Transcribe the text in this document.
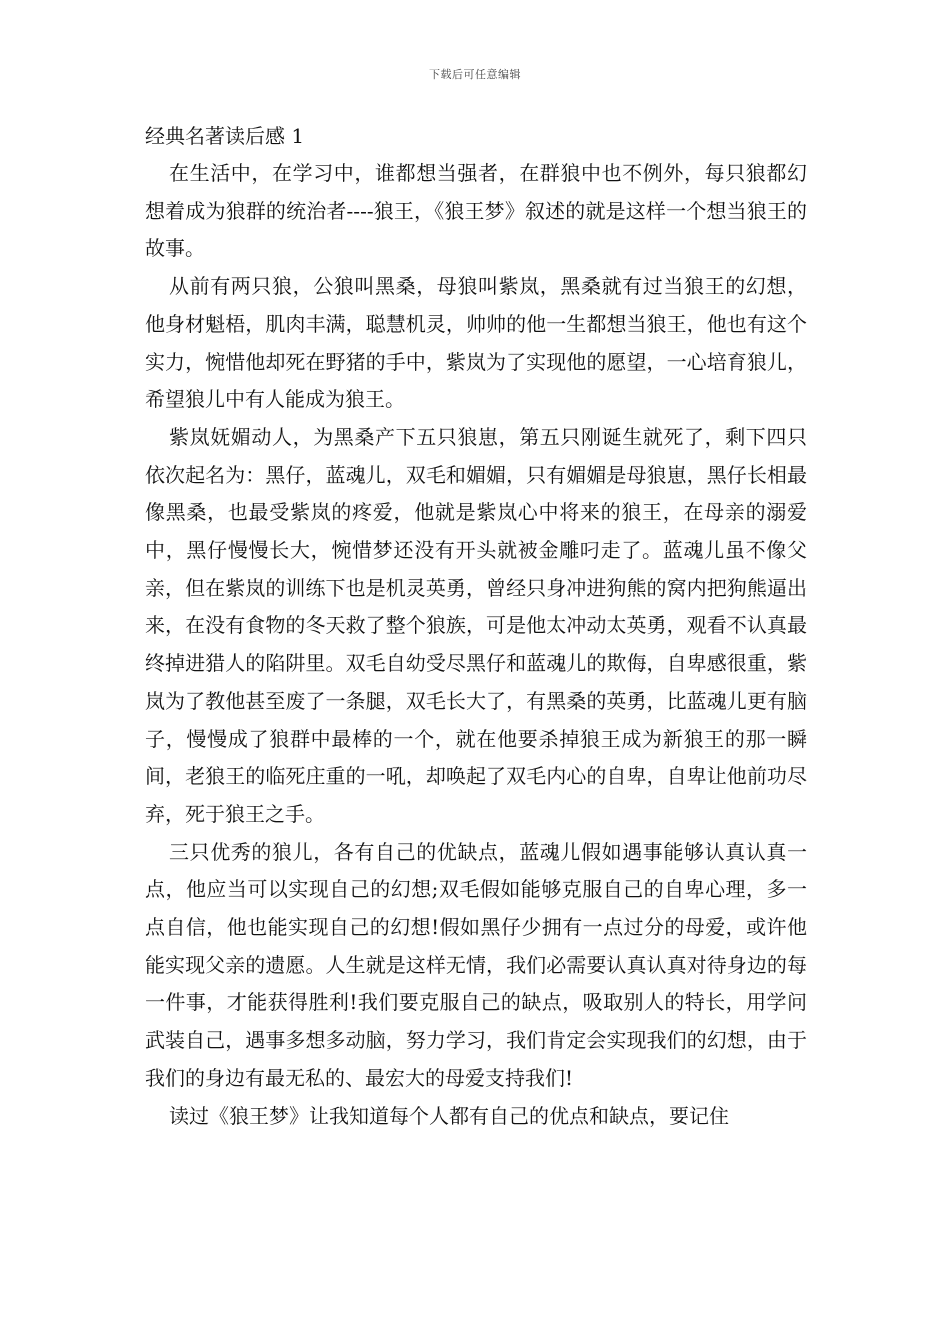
下载后可任意编辑
经典名著读后感 1

在生活中，在学习中，谁都想当强者，在群狼中也不例外，每只狼都幻想着成为狼群的统治者----狼王，《狼王梦》叙述的就是这样一个想当狼王的故事。

从前有两只狼，公狼叫黑桑，母狼叫紫岚，黑桑就有过当狼王的幻想，他身材魁梧，肌肉丰满，聪慧机灵，帅帅的他一生都想当狼王，他也有这个实力，惋惜他却死在野猪的手中，紫岚为了实现他的愿望，一心培育狼儿，希望狼儿中有人能成为狼王。

紫岚妩媚动人，为黑桑产下五只狼崽，第五只刚诞生就死了，剩下四只依次起名为：黑仔，蓝魂儿，双毛和媚媚，只有媚媚是母狼崽，黑仔长相最像黑桑，也最受紫岚的疼爱，他就是紫岚心中将来的狼王，在母亲的溺爱中，黑仔慢慢长大，惋惜梦还没有开头就被金雕叼走了。蓝魂儿虽不像父亲，但在紫岚的训练下也是机灵英勇，曾经只身冲进狗熊的窝内把狗熊逼出来，在没有食物的冬天救了整个狼族，可是他太冲动太英勇，观看不认真最终掉进猎人的陷阱里。双毛自幼受尽黑仔和蓝魂儿的欺侮，自卑感很重，紫岚为了教他甚至废了一条腿，双毛长大了，有黑桑的英勇，比蓝魂儿更有脑子，慢慢成了狼群中最棒的一个，就在他要杀掉狼王成为新狼王的那一瞬间，老狼王的临死庄重的一吼，却唤起了双毛内心的自卑，自卑让他前功尽弃，死于狼王之手。

三只优秀的狼儿，各有自己的优缺点，蓝魂儿假如遇事能够认真认真一点，他应当可以实现自己的幻想;双毛假如能够克服自己的自卑心理，多一点自信，他也能实现自己的幻想!假如黑仔少拥有一点过分的母爱，或许他能实现父亲的遗愿。人生就是这样无情，我们必需要认真认真对待身边的每一件事，才能获得胜利!我们要克服自己的缺点，吸取别人的特长，用学问武装自己，遇事多想多动脑，努力学习，我们肯定会实现我们的幻想，由于我们的身边有最无私的、最宏大的母爱支持我们!

读过《狼王梦》让我知道每个人都有自己的优点和缺点，要记住
